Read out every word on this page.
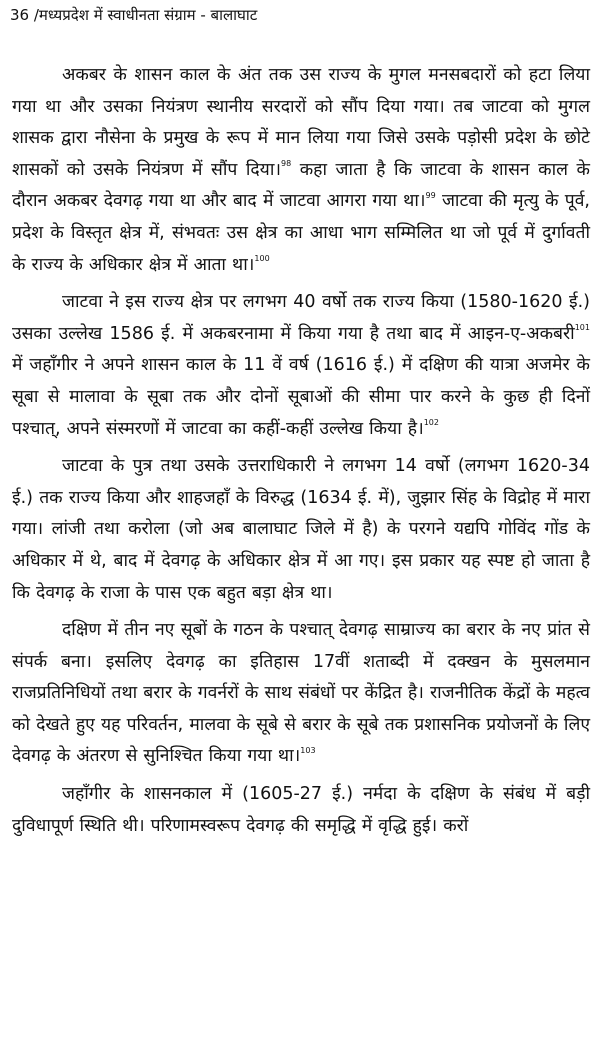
36 /मध्यप्रदेश में स्वाधीनता संग्राम - बालाघाट

अकबर के शासन काल के अंत तक उस राज्य के मुगल मनसबदारों को हटा लिया गया था और उसका नियंत्रण स्थानीय सरदारों को सौंप दिया गया। तब जाटवा को मुगल शासक द्वारा नौसेना के प्रमुख के रूप में मान लिया गया जिसे उसके पड़ोसी प्रदेश के छोटे शासकों को उसके नियंत्रण में सौंप दिया।$^{98}$ कहा जाता है कि जाटवा के शासन काल के दौरान अकबर देवगढ़ गया था और बाद में जाटवा आगरा गया था।$^{99}$ जाटवा की मृत्यु के पूर्व, प्रदेश के विस्तृत क्षेत्र में, संभवतः उस क्षेत्र का आधा भाग सम्मिलित था जो पूर्व में दुर्गावती के राज्य के अधिकार क्षेत्र में आता था।$^{100}$

जाटवा ने इस राज्य क्षेत्र पर लगभग 40 वर्षो तक राज्य किया (1580-1620 ई.) उसका उल्लेख 1586 ई. में अकबरनामा में किया गया है तथा बाद में आइन-ए-अकबरी$^{101}$ में जहाँगीर ने अपने शासन काल के 11 वें वर्ष (1616 ई.) में दक्षिण की यात्रा अजमेर के सूबा से मालावा के सूबा तक और दोनों सूबाओं की सीमा पार करने के कुछ ही दिनों पश्चात्, अपने संस्मरणों में जाटवा का कहीं-कहीं उल्लेख किया है।$^{102}$

जाटवा के पुत्र तथा उसके उत्तराधिकारी ने लगभग 14 वर्षो (लगभग 1620-34 ई.) तक राज्य किया और शाहजहाँ के विरुद्ध (1634 ई. में), जुझार सिंह के विद्रोह में मारा गया। लांजी तथा करोला (जो अब बालाघाट जिले में है) के परगने यद्यपि गोविंद गोंड के अधिकार में थे, बाद में देवगढ़ के अधिकार क्षेत्र में आ गए। इस प्रकार यह स्पष्ट हो जाता है कि देवगढ़ के राजा के पास एक बहुत बड़ा क्षेत्र था।

दक्षिण में तीन नए सूबों के गठन के पश्चात् देवगढ़ साम्राज्य का बरार के नए प्रांत से संपर्क बना। इसलिए देवगढ़ का इतिहास 17वीं शताब्दी में दक्खन के मुसलमान राजप्रतिनिधियों तथा बरार के गवर्नरों के साथ संबंधों पर केंद्रित है। राजनीतिक केंद्रों के महत्व को देखते हुए यह परिवर्तन, मालवा के सूबे से बरार के सूबे तक प्रशासनिक प्रयोजनों के लिए देवगढ़ के अंतरण से सुनिश्चित किया गया था।$^{103}$

जहाँगीर के शासनकाल में (1605-27 ई.) नर्मदा के दक्षिण के संबंध में बड़ी दुविधापूर्ण स्थिति थी। परिणामस्वरूप देवगढ़ की समृद्धि में वृद्धि हुई। करों
